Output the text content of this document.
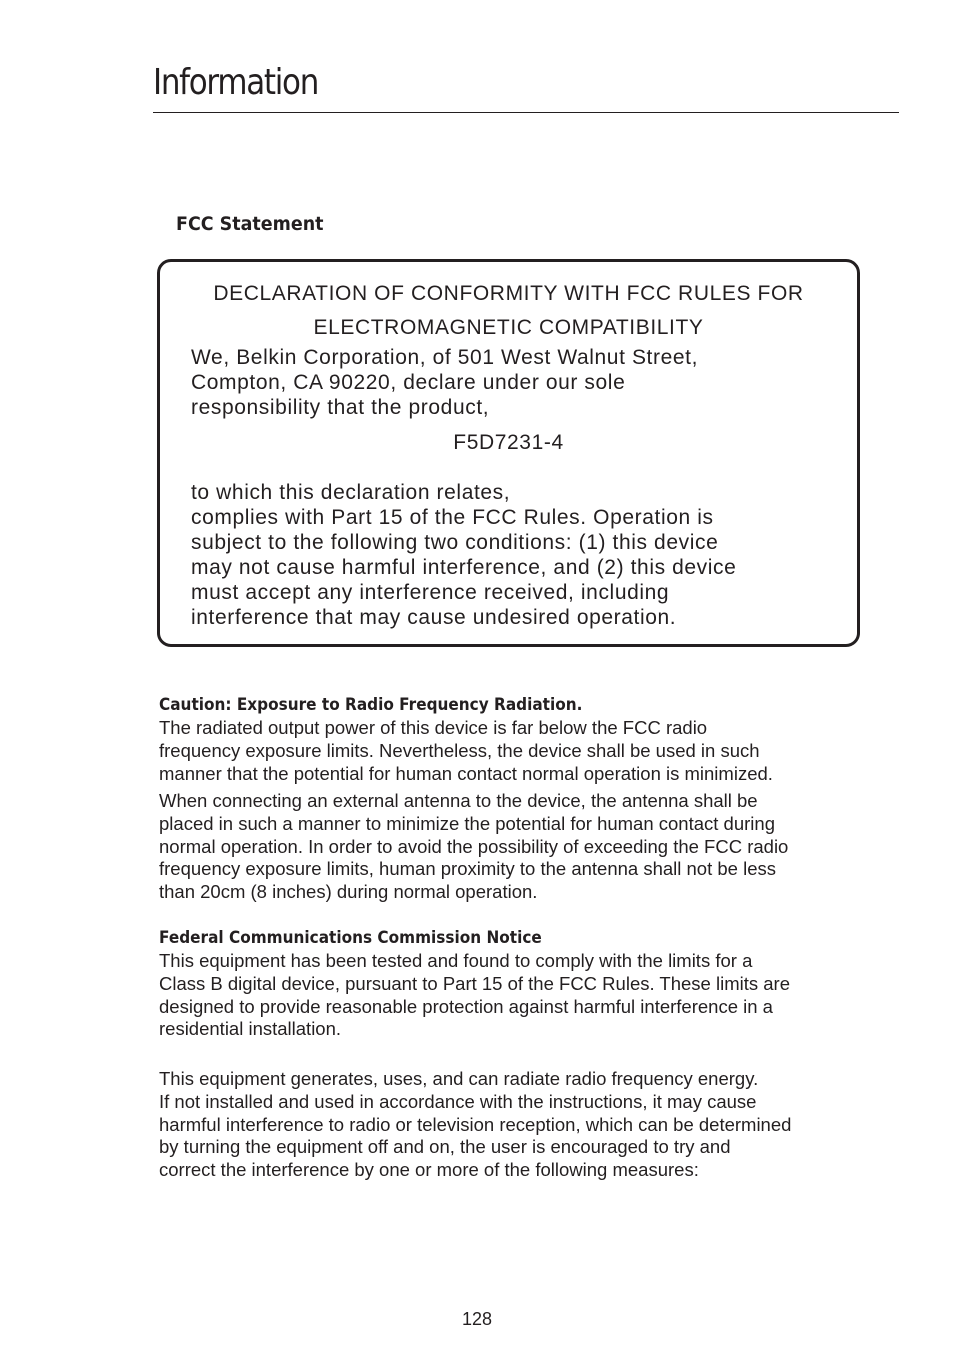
Information
FCC Statement
DECLARATION OF CONFORMITY WITH FCC RULES FOR
ELECTROMAGNETIC COMPATIBILITY
We, Belkin Corporation, of 501 West Walnut Street,
Compton, CA 90220, declare under our sole
responsibility that the product,
F5D7231-4
to which this declaration relates,
complies with Part 15 of the FCC Rules. Operation is
subject to the following two conditions: (1) this device
may not cause harmful interference, and (2) this device
must accept any interference received, including
interference that may cause undesired operation.
Caution: Exposure to Radio Frequency Radiation.
The radiated output power of this device is far below the FCC radio
frequency exposure limits. Nevertheless, the device shall be used in such
manner that the potential for human contact normal operation is minimized.
When connecting an external antenna to the device, the antenna shall be
placed in such a manner to minimize the potential for human contact during
normal operation. In order to avoid the possibility of exceeding the FCC radio
frequency exposure limits, human proximity to the antenna shall not be less
than 20cm (8 inches) during normal operation.
Federal Communications Commission Notice
This equipment has been tested and found to comply with the limits for a
Class B digital device, pursuant to Part 15 of the FCC Rules. These limits are
designed to provide reasonable protection against harmful interference in a
residential installation.
This equipment generates, uses, and can radiate radio frequency energy.
If not installed and used in accordance with the instructions, it may cause
harmful interference to radio or television reception, which can be determined
by turning the equipment off and on, the user is encouraged to try and
correct the interference by one or more of the following measures:
128
